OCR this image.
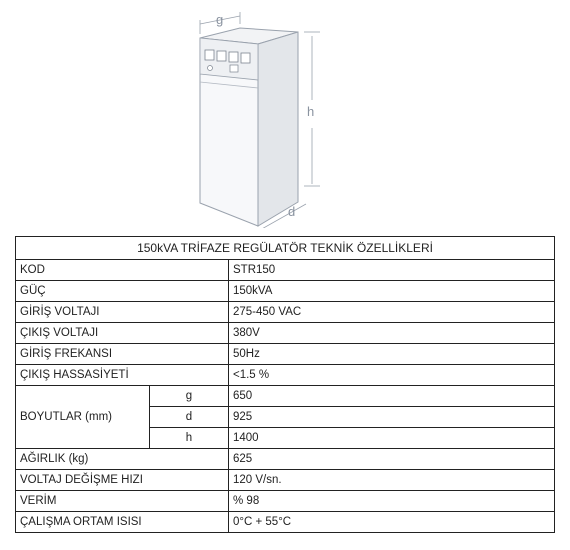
g
h
d
150kVA TRİFAZE REGÜLATÖR TEKNİK ÖZELLİKLERİ		
KOD		STR150
GÜÇ		150kVA
GİRİŞ VOLTAJI		275-450 VAC
ÇIKIŞ VOLTAJI		380V
GİRİŞ FREKANSI		50Hz
ÇIKIŞ HASSASİYETİ		<1.5 %
BOYUTLAR (mm)	g	650
	d	925
	h	1400
AĞIRLIK (kg)		625
VOLTAJ DEĞİŞME HIZI		120 V/sn.
VERİM		% 98
ÇALIŞMA ORTAM ISISI		0°C + 55°C
